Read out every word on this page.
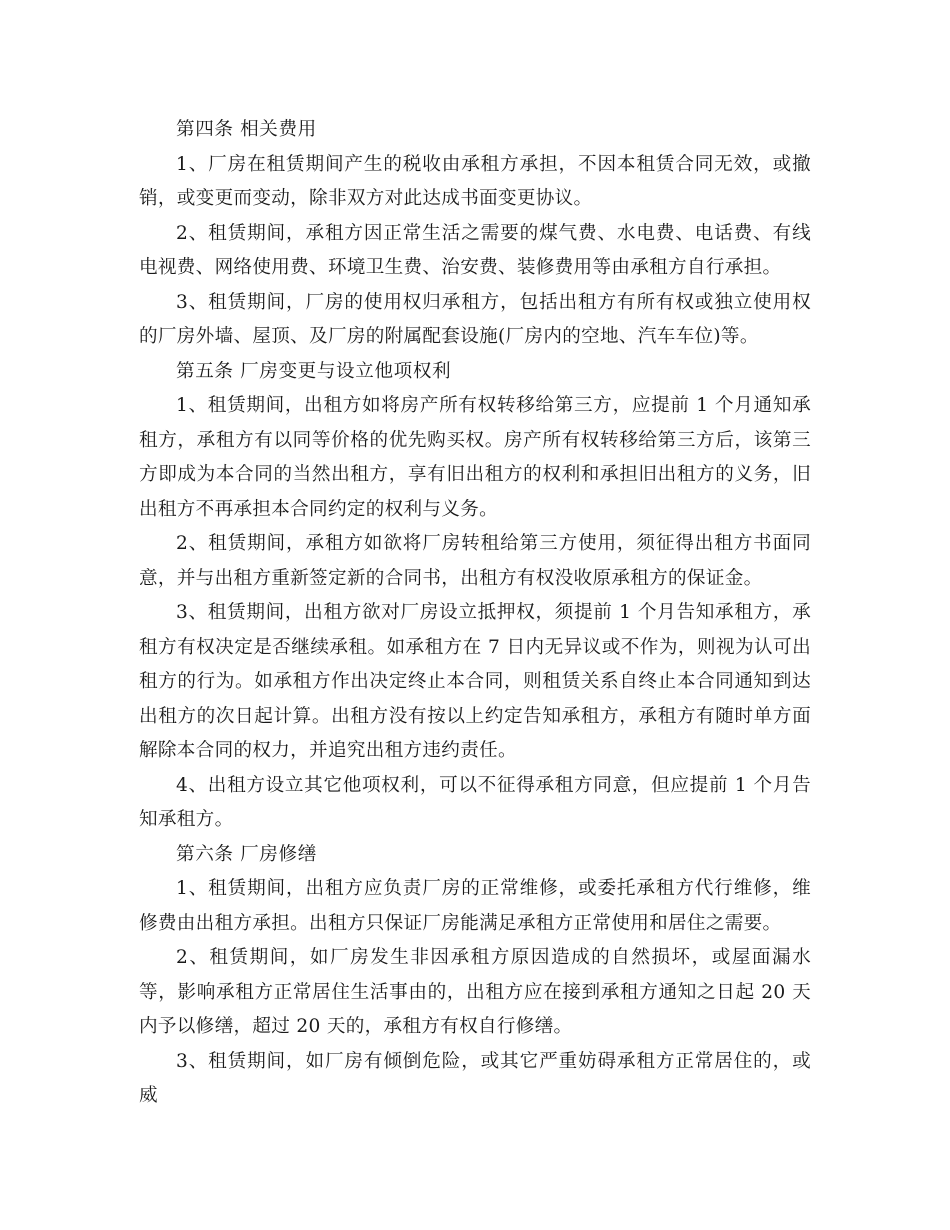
第四条 相关费用

1、厂房在租赁期间产生的税收由承租方承担，不因本租赁合同无效，或撤销，或变更而变动，除非双方对此达成书面变更协议。

2、租赁期间，承租方因正常生活之需要的煤气费、水电费、电话费、有线电视费、网络使用费、环境卫生费、治安费、装修费用等由承租方自行承担。

3、租赁期间，厂房的使用权归承租方，包括出租方有所有权或独立使用权的厂房外墙、屋顶、及厂房的附属配套设施(厂房内的空地、汽车车位)等。

第五条 厂房变更与设立他项权利

1、租赁期间，出租方如将房产所有权转移给第三方，应提前 1 个月通知承租方，承租方有以同等价格的优先购买权。房产所有权转移给第三方后，该第三方即成为本合同的当然出租方，享有旧出租方的权利和承担旧出租方的义务，旧出租方不再承担本合同约定的权利与义务。

2、租赁期间，承租方如欲将厂房转租给第三方使用，须征得出租方书面同意，并与出租方重新签定新的合同书，出租方有权没收原承租方的保证金。

3、租赁期间，出租方欲对厂房设立抵押权，须提前 1 个月告知承租方，承租方有权决定是否继续承租。如承租方在 7 日内无异议或不作为，则视为认可出租方的行为。如承租方作出决定终止本合同，则租赁关系自终止本合同通知到达出租方的次日起计算。出租方没有按以上约定告知承租方，承租方有随时单方面解除本合同的权力，并追究出租方违约责任。

4、出租方设立其它他项权利，可以不征得承租方同意，但应提前 1 个月告知承租方。

第六条 厂房修缮

1、租赁期间，出租方应负责厂房的正常维修，或委托承租方代行维修，维修费由出租方承担。出租方只保证厂房能满足承租方正常使用和居住之需要。

2、租赁期间，如厂房发生非因承租方原因造成的自然损坏，或屋面漏水等，影响承租方正常居住生活事由的，出租方应在接到承租方通知之日起 20 天内予以修缮，超过 20 天的，承租方有权自行修缮。

3、租赁期间，如厂房有倾倒危险，或其它严重妨碍承租方正常居住的，或威
